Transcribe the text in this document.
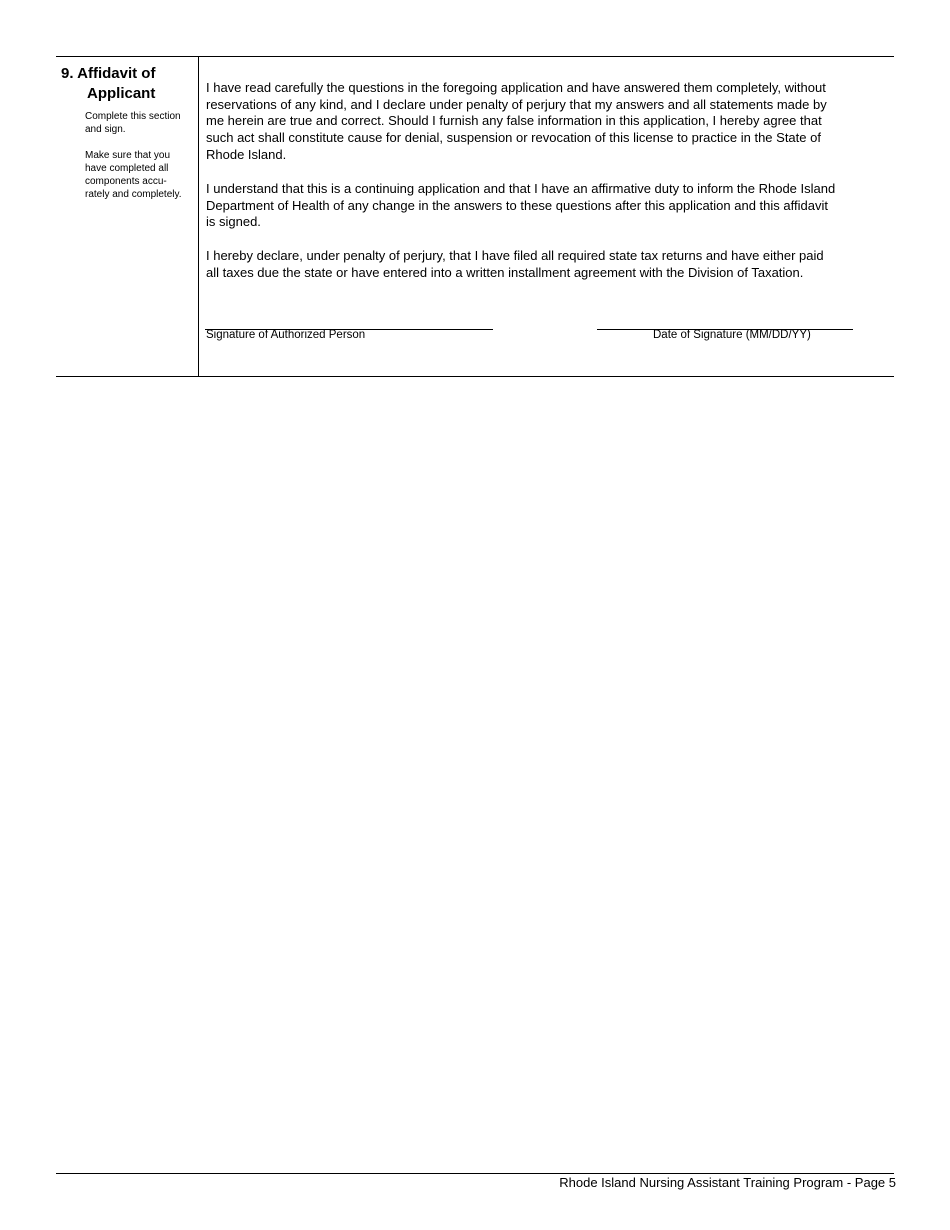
9. Affidavit of
Applicant
Complete this section
and sign.
Make sure that you
have completed all
components accu-
rately and completely.
I have read carefully the questions in the foregoing application and have answered them completely, without
reservations of any kind, and I declare under penalty of perjury that my answers and all statements made by
me herein are true and correct. Should I furnish any false information in this application, I hereby agree that
such act shall constitute cause for denial, suspension or revocation of this license to practice in the State of
Rhode Island.
I understand that this is a continuing application and that I have an affirmative duty to inform the Rhode Island
Department of Health of any change in the answers to these questions after this application and this affidavit
is signed.
I hereby declare, under penalty of perjury, that I have filed all required state tax returns and have either paid
all taxes due the state or have entered into a written installment agreement with the Division of Taxation.
Signature of Authorized Person	Date of Signature (MM/DD/YY)
Rhode Island Nursing Assistant Training Program - Page 5
